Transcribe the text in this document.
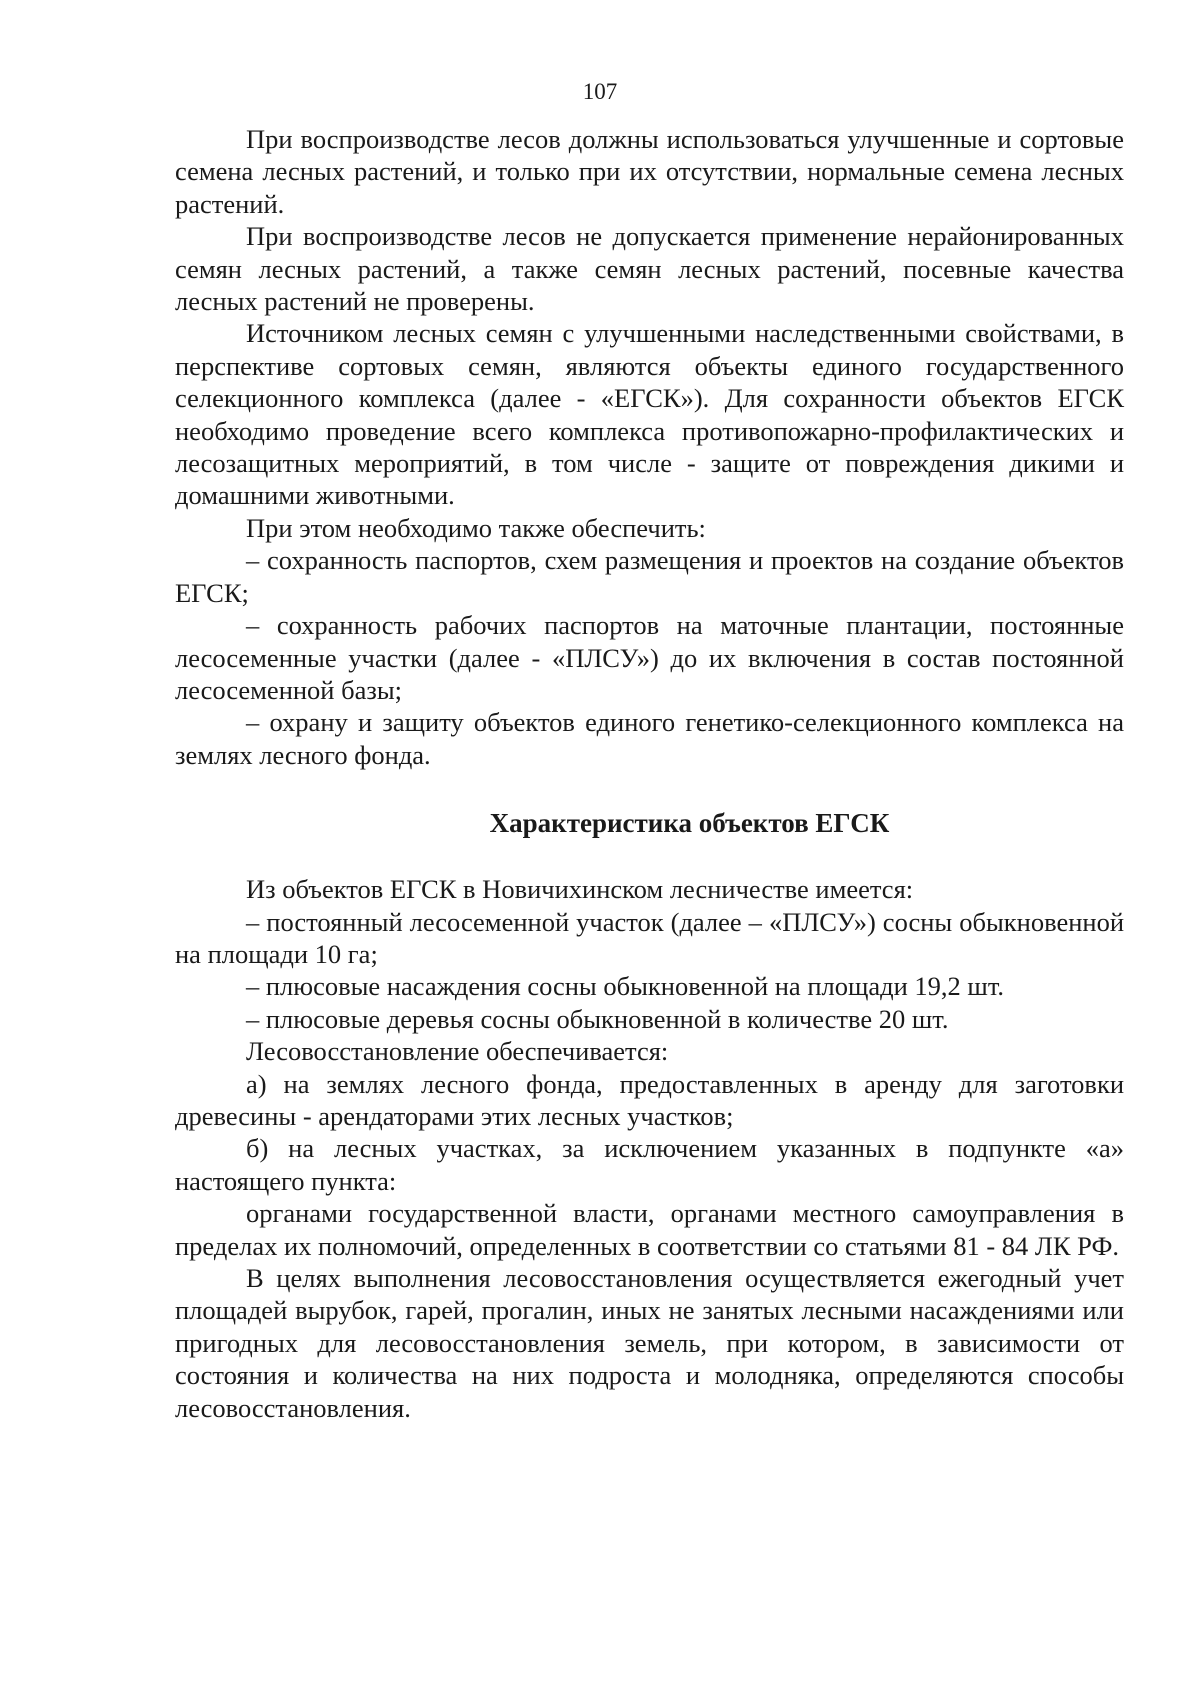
107

При воспроизводстве лесов должны использоваться улучшенные и сортовые семена лесных растений, и только при их отсутствии, нормальные семена лесных растений.

При воспроизводстве лесов не допускается применение нерайонированных семян лесных растений, а также семян лесных растений, посевные качества лесных растений не проверены.

Источником лесных семян с улучшенными наследственными свойствами, в перспективе сортовых семян, являются объекты единого государственного селекционного комплекса (далее - «ЕГСК»). Для сохранности объектов ЕГСК необходимо проведение всего комплекса противопожарно-профилактических и лесозащитных мероприятий, в том числе - защите от повреждения дикими и домашними животными.

При этом необходимо также обеспечить:

– сохранность паспортов, схем размещения и проектов на создание объектов ЕГСК;

– сохранность рабочих паспортов на маточные плантации, постоянные лесосеменные участки (далее - «ПЛСУ») до их включения в состав постоянной лесосеменной базы;

– охрану и защиту объектов единого генетико-селекционного комплекса на землях лесного фонда.

Характеристика объектов ЕГСК

Из объектов ЕГСК в Новичихинском лесничестве имеется:

– постоянный лесосеменной участок (далее – «ПЛСУ») сосны обыкновенной на площади 10 га;

– плюсовые насаждения сосны обыкновенной на площади 19,2 шт.

– плюсовые деревья сосны обыкновенной в количестве 20 шт.

Лесовосстановление обеспечивается:

а) на землях лесного фонда, предоставленных в аренду для заготовки древесины - арендаторами этих лесных участков;

б) на лесных участках, за исключением указанных в подпункте «а» настоящего пункта:

органами государственной власти, органами местного самоуправления в пределах их полномочий, определенных в соответствии со статьями 81 - 84 ЛК РФ.

В целях выполнения лесовосстановления осуществляется ежегодный учет площадей вырубок, гарей, прогалин, иных не занятых лесными насаждениями или пригодных для лесовосстановления земель, при котором, в зависимости от состояния и количества на них подроста и молодняка, определяются способы лесовосстановления.
